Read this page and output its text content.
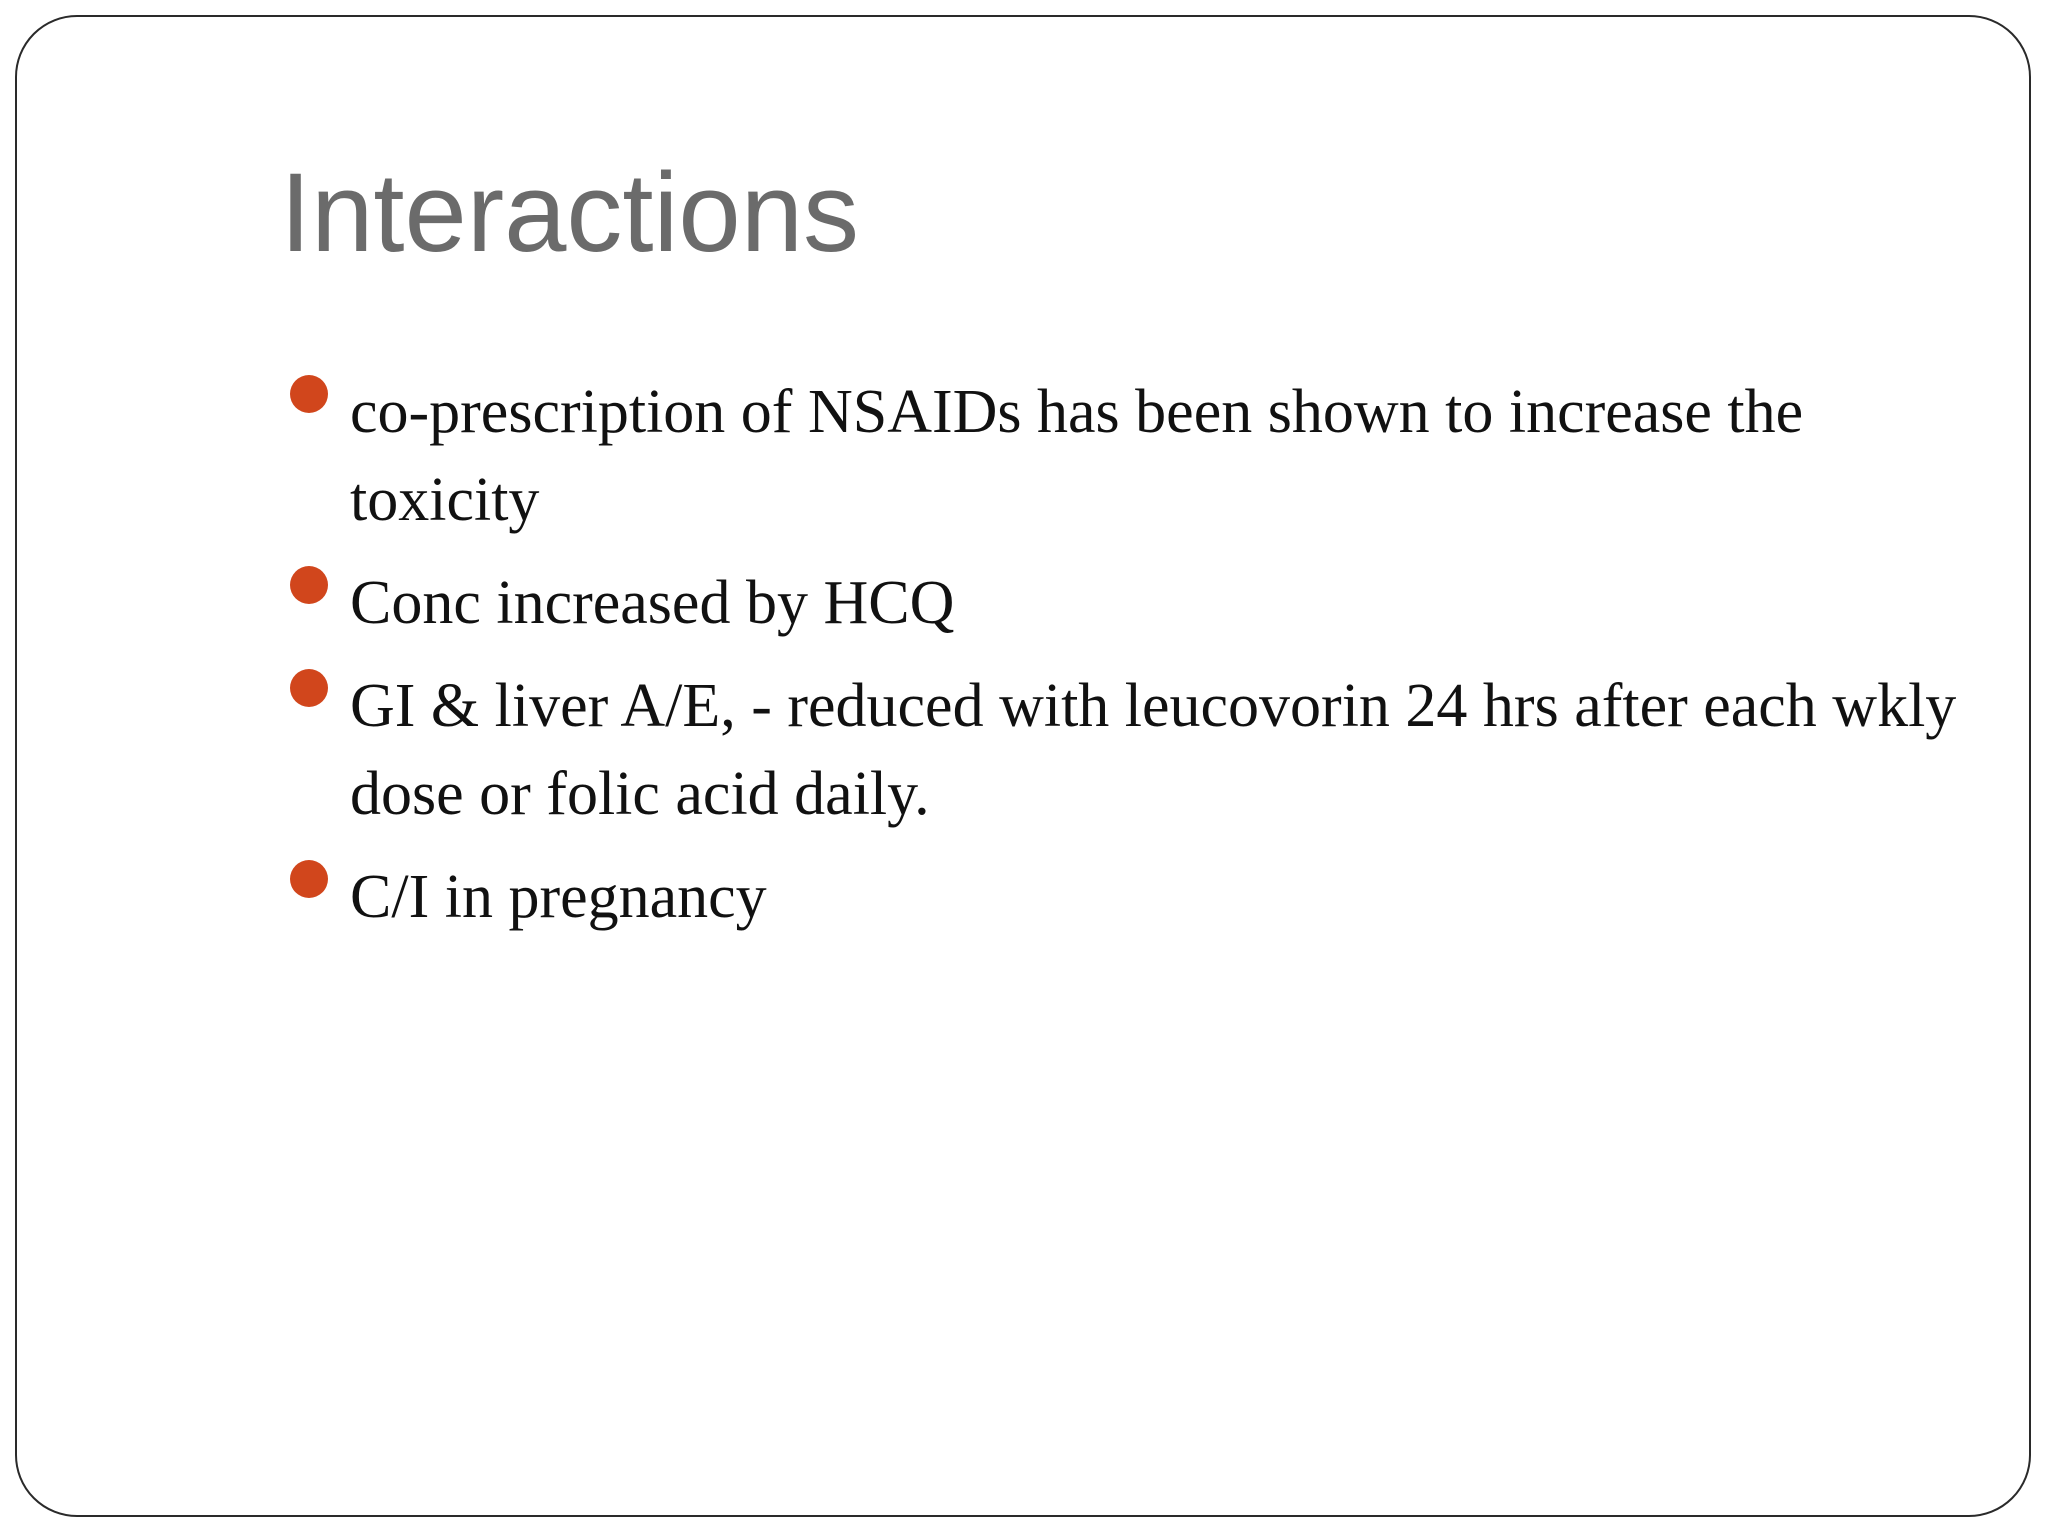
Interactions
co-prescription of NSAIDs has been shown to increase the toxicity
Conc increased by HCQ
GI & liver A/E, - reduced with leucovorin 24 hrs after each wkly dose or folic acid daily.
C/I in pregnancy
